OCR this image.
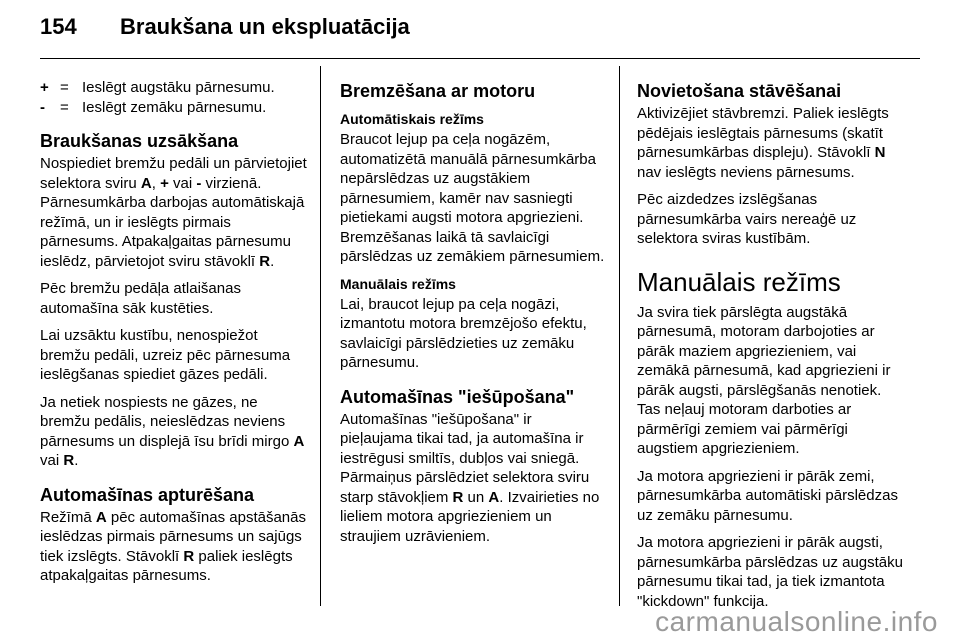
154 Braukšana un ekspluatācija

+ = Ieslēgt augstāku pārnesumu.

- = Ieslēgt zemāku pārnesumu.

Braukšanas uzsākšana

Nospiediet bremžu pedāli un pārvietojiet selektora sviru A, + vai - virzienā. Pārnesumkārba darbojas automātiskajā režīmā, un ir ieslēgts pirmais pārnesums. Atpakaļgaitas pārnesumu ieslēdz, pārvietojot sviru stāvoklī R.

Pēc bremžu pedāļa atlaišanas automašīna sāk kustēties.

Lai uzsāktu kustību, nenospiežot bremžu pedāli, uzreiz pēc pārnesuma ieslēgšanas spiediet gāzes pedāli.

Ja netiek nospiests ne gāzes, ne bremžu pedālis, neieslēdzas neviens pārnesums un displejā īsu brīdi mirgo A vai R.

Automašīnas apturēšana

Režīmā A pēc automašīnas apstāšanās ieslēdzas pirmais pārnesums un sajūgs tiek izslēgts. Stāvoklī R paliek ieslēgts atpakaļgaitas pārnesums.

Bremzēšana ar motoru
Automātiskais režīms

Braucot lejup pa ceļa nogāzēm, automatizētā manuālā pārnesumkārba nepārslēdzas uz augstākiem pārnesumiem, kamēr nav sasniegti pietiekami augsti motora apgriezieni. Bremzēšanas laikā tā savlaicīgi pārslēdzas uz zemākiem pārnesumiem.

Manuālais režīms

Lai, braucot lejup pa ceļa nogāzi, izmantotu motora bremzējošo efektu, savlaicīgi pārslēdzieties uz zemāku pārnesumu.

Automašīnas "iešūpošana"

Automašīnas "iešūpošana" ir pieļaujama tikai tad, ja automašīna ir iestrēgusi smiltīs, dubļos vai sniegā. Pārmaiņus pārslēdziet selektora sviru starp stāvokļiem R un A. Izvairieties no lieliem motora apgriezieniem un straujiem uzrāvieniem.

Novietošana stāvēšanai

Aktivizējiet stāvbremzi. Paliek ieslēgts pēdējais ieslēgtais pārnesums (skatīt pārnesumkārbas displeju). Stāvoklī N nav ieslēgts neviens pārnesums.

Pēc aizdedzes izslēgšanas pārnesumkārba vairs nereaģē uz selektora sviras kustībām.

Manuālais režīms

Ja svira tiek pārslēgta augstākā pārnesumā, motoram darbojoties ar pārāk maziem apgriezieniem, vai zemākā pārnesumā, kad apgriezieni ir pārāk augsti, pārslēgšanās nenotiek. Tas neļauj motoram darboties ar pārmērīgi zemiem vai pārmērīgi augstiem apgriezieniem.

Ja motora apgriezieni ir pārāk zemi, pārnesumkārba automātiski pārslēdzas uz zemāku pārnesumu.

Ja motora apgriezieni ir pārāk augsti, pārnesumkārba pārslēdzas uz augstāku pārnesumu tikai tad, ja tiek izmantota "kickdown" funkcija.

carmanualsonline.info
